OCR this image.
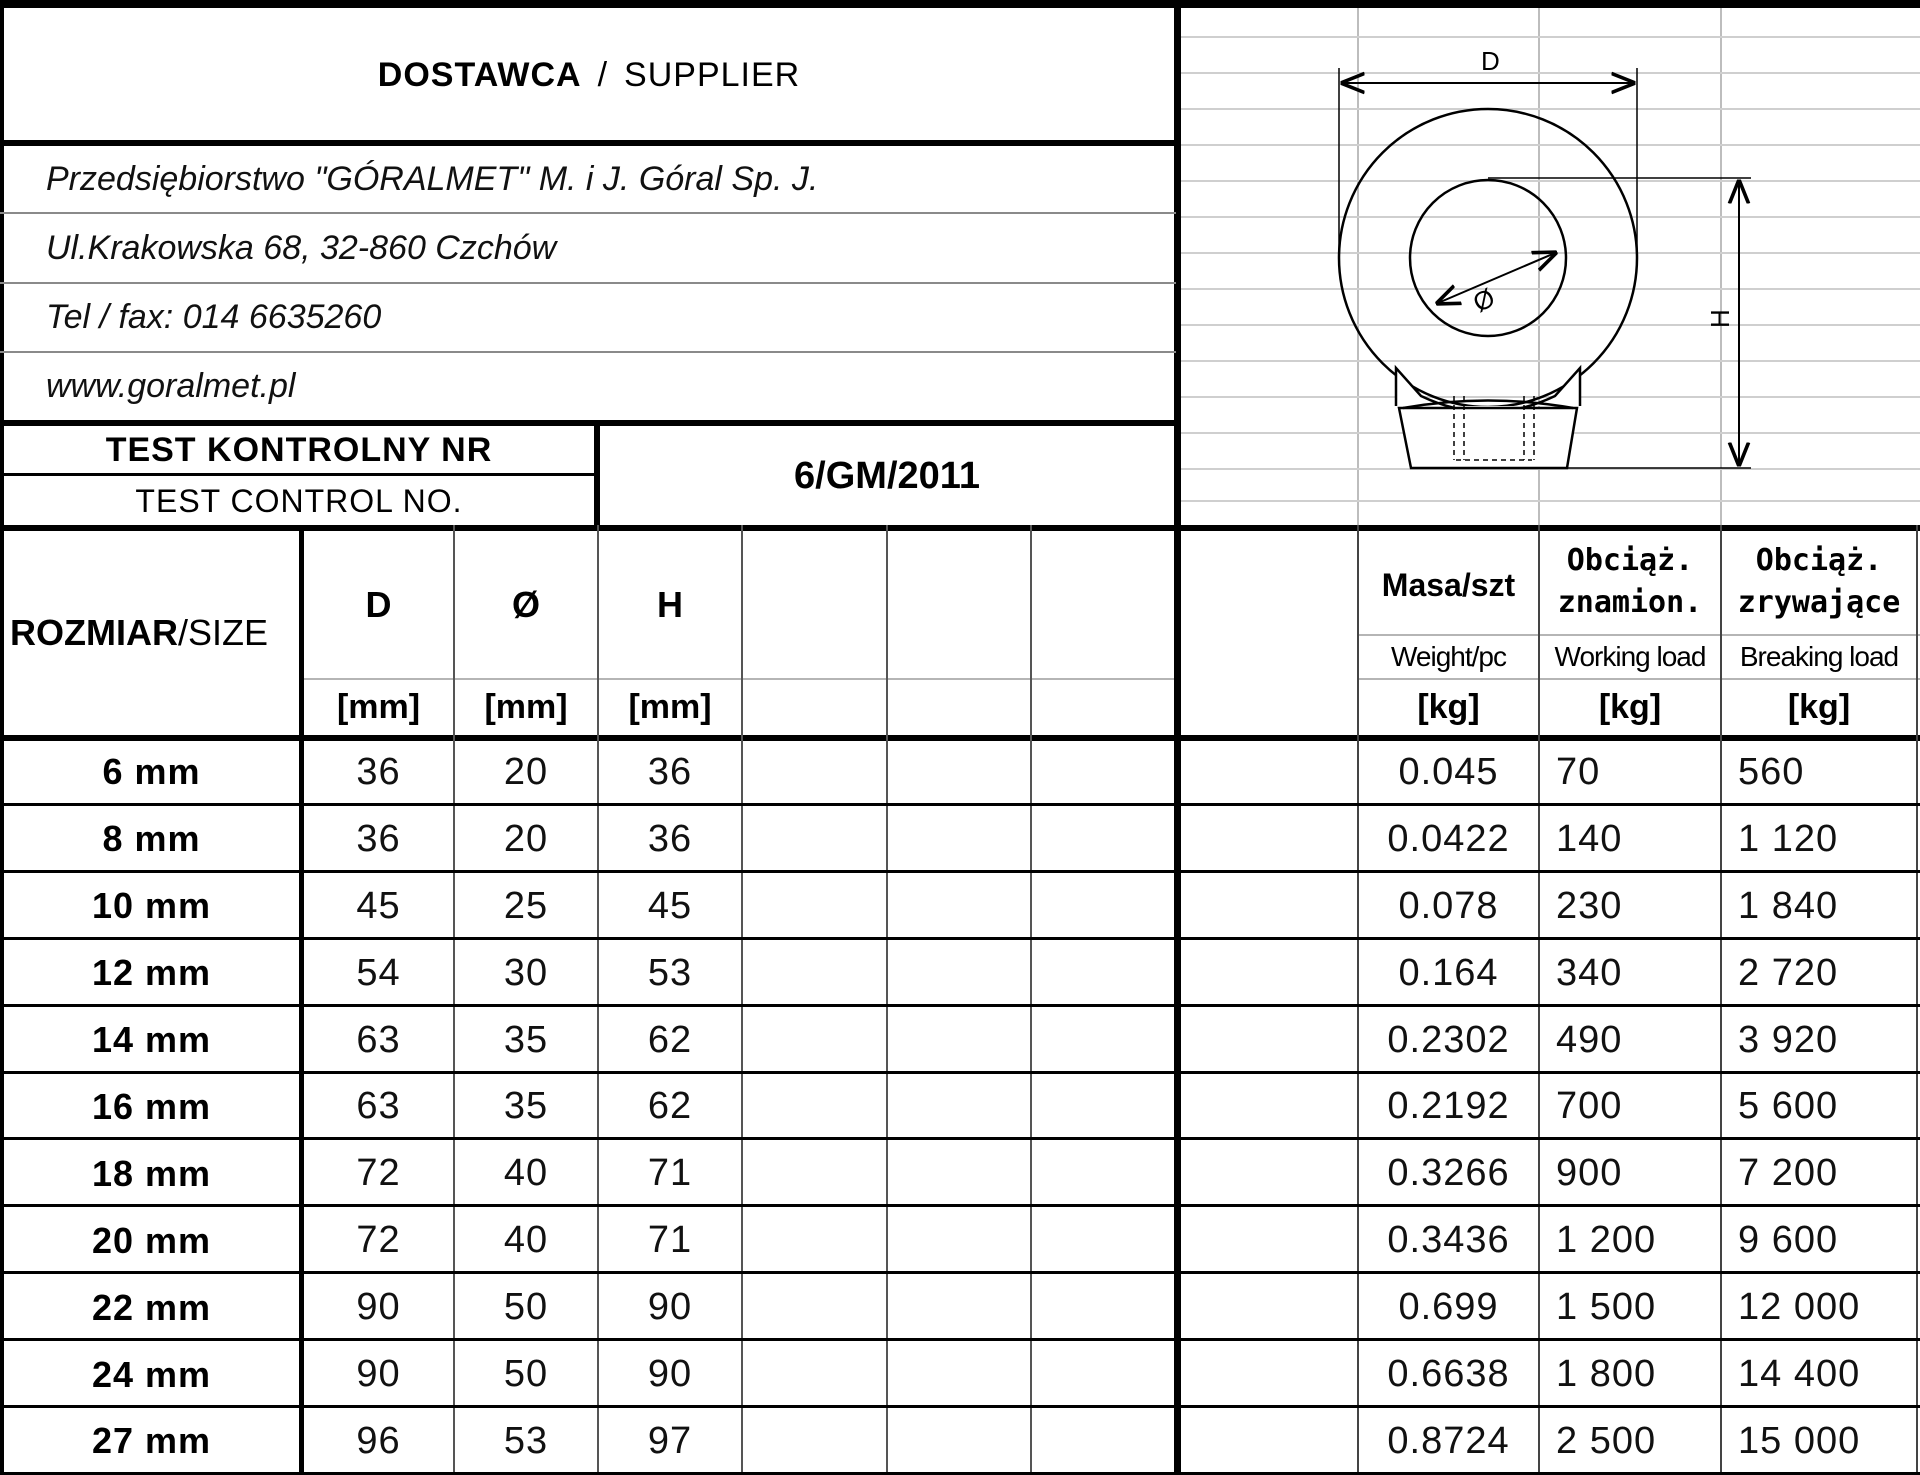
DOSTAWCA / SUPPLIER
Przedsiębiorstwo "GÓRALMET" M. i J. Góral Sp. J.
Ul.Krakowska 68, 32-860 Czchów
Tel / fax: 014 6635260
www.goralmet.pl
TEST KONTROLNY NR
TEST CONTROL NO.
6/GM/2011
D
Ø
H
ROZMIAR /SIZE
D	Ø	H
[mm]	[mm]	[mm]
Masa/szt
Weight/pc
[kg]
Obciąż.
znamion.
Working load
[kg]
Obciąż.
zrywające
Breaking load
[kg]
6 mm	36	20	36	0.045	70	560
8 mm	36	20	36	0.0422	140	1 120
10 mm	45	25	45	0.078	230	1 840
12 mm	54	30	53	0.164	340	2 720
14 mm	63	35	62	0.2302	490	3 920
16 mm	63	35	62	0.2192	700	5 600
18 mm	72	40	71	0.3266	900	7 200
20 mm	72	40	71	0.3436	1 200	9 600
22 mm	90	50	90	0.699	1 500	12 000
24 mm	90	50	90	0.6638	1 800	14 400
27 mm	96	53	97	0.8724	2 500	15 000
